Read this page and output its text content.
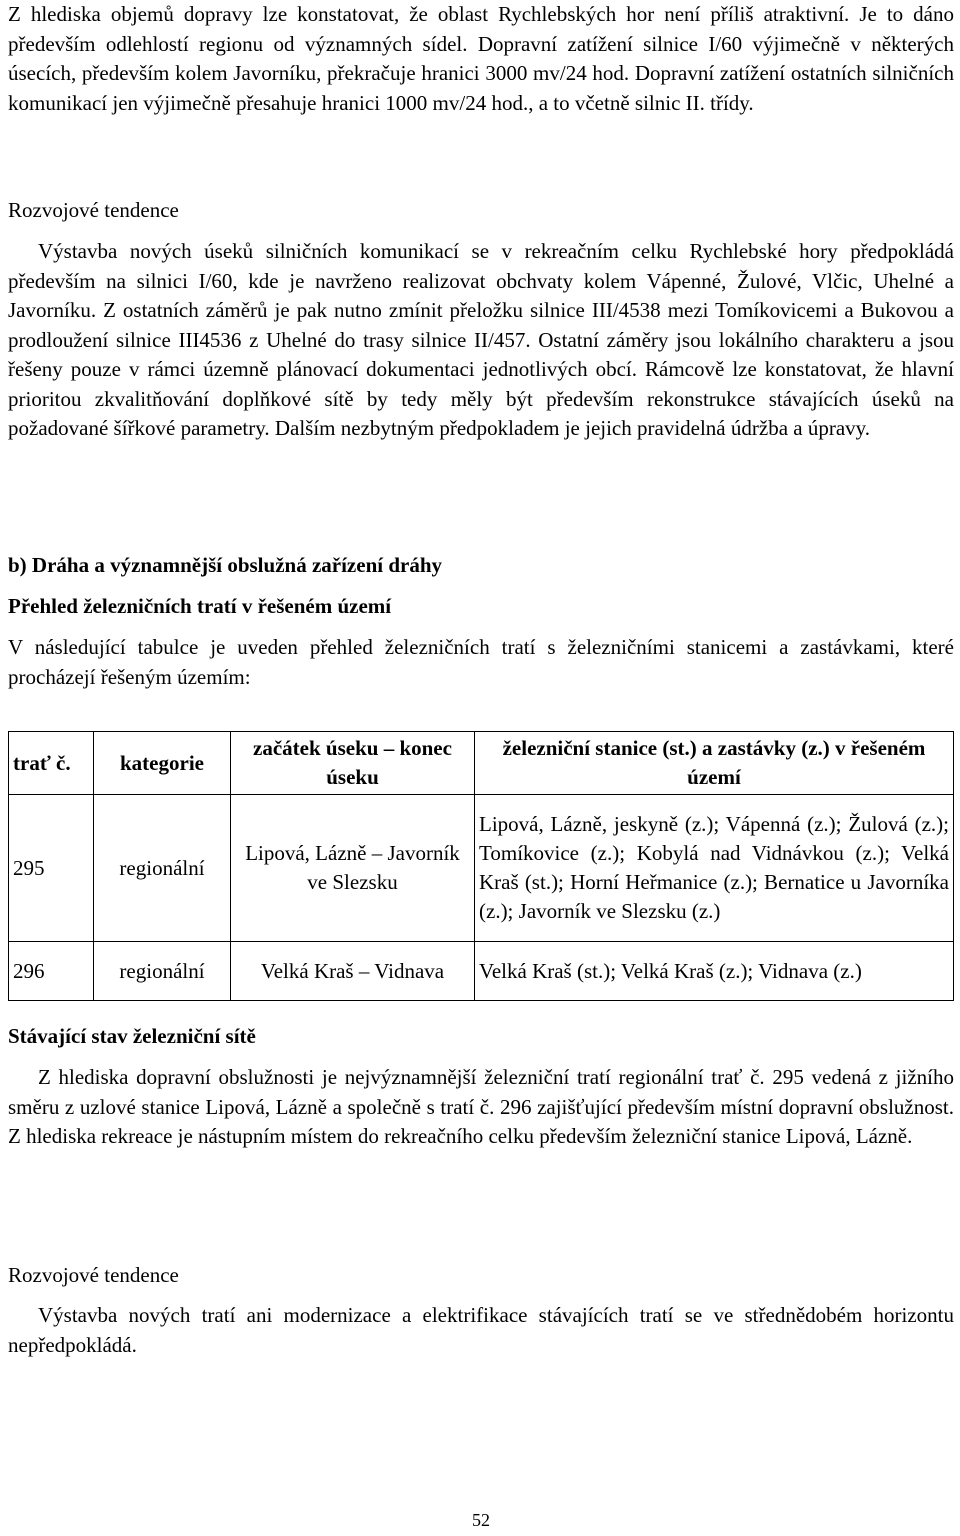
Z hlediska objemů dopravy lze konstatovat, že oblast Rychlebských hor není příliš atraktivní. Je to dáno především odlehlostí regionu od významných sídel. Dopravní zatížení silnice I/60 výjimečně v některých úsecích, především kolem Javorníku, překračuje hranici 3000 mv/24 hod. Dopravní zatížení ostatních silničních komunikací jen výjimečně přesahuje hranici 1000 mv/24 hod., a to včetně silnic II. třídy.

Rozvojové tendence

Výstavba nových úseků silničních komunikací se v rekreačním celku Rychlebské hory předpokládá především na silnici I/60, kde je navrženo realizovat obchvaty kolem Vápenné, Žulové, Vlčic, Uhelné a Javorníku. Z ostatních záměrů je pak nutno zmínit přeložku silnice III/4538 mezi Tomíkovicemi a Bukovou a prodloužení silnice III4536 z Uhelné do trasy silnice II/457. Ostatní záměry jsou lokálního charakteru a jsou řešeny pouze v rámci územně plánovací dokumentaci jednotlivých obcí. Rámcově lze konstatovat, že hlavní prioritou zkvalitňování doplňkové sítě by tedy měly být především rekonstrukce stávajících úseků na požadované šířkové parametry. Dalším nezbytným předpokladem je jejich pravidelná údržba a úpravy.

b) Dráha a významnější obslužná zařízení dráhy
Přehled železničních tratí v řešeném území

V následující tabulce je uveden přehled železničních tratí s železničními stanicemi a zastávkami, které procházejí řešeným územím:

trať č.	kategorie	začátek úseku – konec úseku	železniční stanice (st.) a zastávky (z.) v řešeném území
295	regionální	Lipová, Lázně – Javorník ve Slezsku	Lipová, Lázně, jeskyně (z.); Vápenná (z.); Žulová (z.); Tomíkovice (z.); Kobylá nad Vidnávkou (z.); Velká Kraš (st.); Horní Heřmanice (z.); Bernatice u Javorníka (z.); Javorník ve Slezsku (z.)
296	regionální	Velká Kraš – Vidnava	Velká Kraš (st.); Velká Kraš (z.); Vidnava (z.)
Stávající stav železniční sítě

Z hlediska dopravní obslužnosti je nejvýznamnější železniční tratí regionální trať č. 295 vedená z jižního směru z uzlové stanice Lipová, Lázně a společně s tratí č. 296 zajišťující především místní dopravní obslužnost. Z hlediska rekreace je nástupním místem do rekreačního celku především železniční stanice Lipová, Lázně.

Rozvojové tendence

Výstavba nových tratí ani modernizace a elektrifikace stávajících tratí se ve střednědobém horizontu nepředpokládá.

52
